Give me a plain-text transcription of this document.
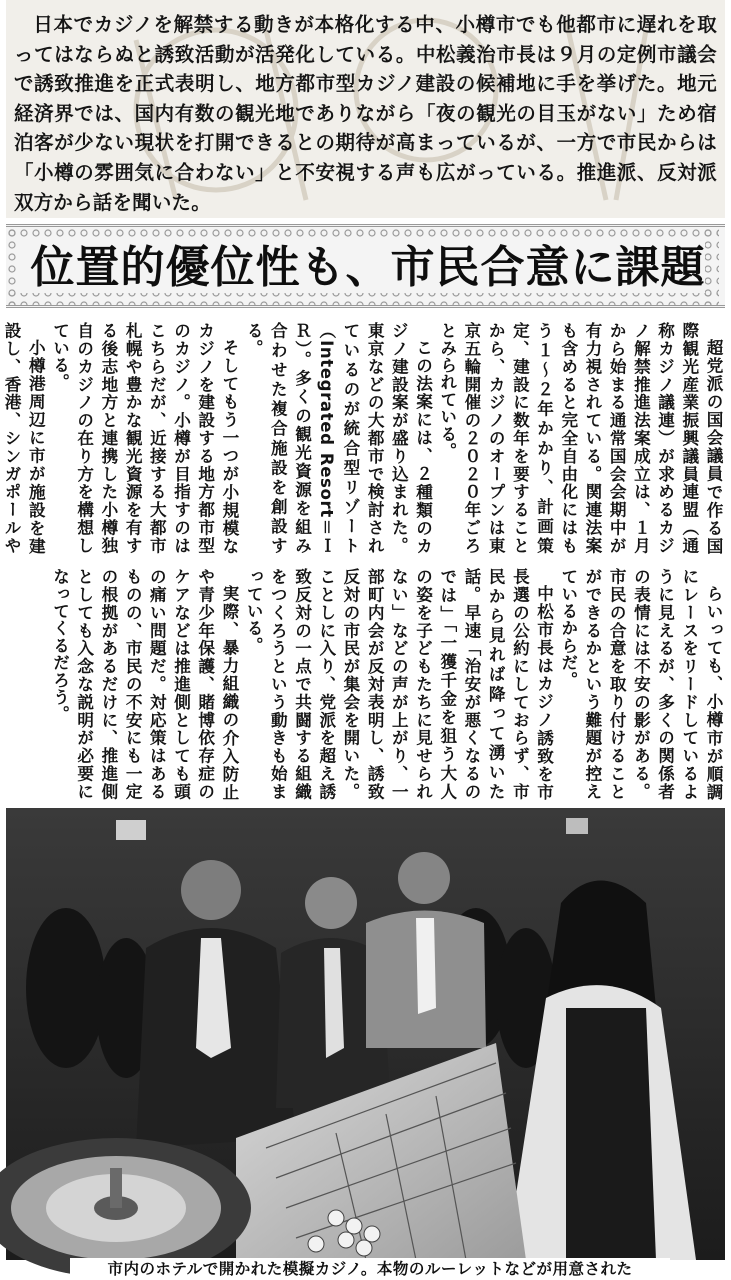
日本でカジノを解禁する動きが本格化する中、小樽市でも他都市に遅れを取ってはならぬと誘致活動が活発化している。中松義治市長は９月の定例市議会で誘致推進を正式表明し、地方都市型カジノ建設の候補地に手を挙げた。地元経済界では、国内有数の観光地でありながら「夜の観光の目玉がない」ため宿泊客が少ない現状を打開できるとの期待が高まっているが、一方で市民からは「小樽の雰囲気に合わない」と不安視する声も広がっている。推進派、反対派双方から話を聞いた。
位置的優位性も、市民合意に課題

超党派の国会議員で作る国際観光産業振興議員連盟（通称カジノ議連）が求めるカジノ解禁推進法案成立は、１月から始まる通常国会会期中が有力視されている。関連法案も含めると完全自由化にはもう１〜２年かかり、計画策定、建設に数年を要することから、カジノのオープンは東京五輪開催の２０２０年ごろとみられている。

この法案には、２種類のカジノ建設案が盛り込まれた。東京などの大都市で検討されているのが統合型リゾート（Integrated Resort＝ＩＲ）。多くの観光資源を組み合わせた複合施設を創設する。

そしてもう一つが小規模なカジノを建設する地方都市型のカジノ。小樽が目指すのはこちらだが、近接する大都市札幌や豊かな観光資源を有する後志地方と連携した小樽独自のカジノの在り方を構想している。

小樽港周辺に市が施設を建設し、香港、シンガポールや

らいっても、小樽市が順調にレースをリードしているように見えるが、多くの関係者の表情には不安の影がある。市民の合意を取り付けることができるかという難題が控えているからだ。

中松市長はカジノ誘致を市長選の公約にしておらず、市民から見れば降って湧いた話。早速「治安が悪くなるのでは」「一獲千金を狙う大人の姿を子どもたちに見せられない」などの声が上がり、一部町内会が反対表明し、誘致反対の市民が集会を開いた。ことしに入り、党派を超え誘致反対の一点で共闘する組織をつくろうという動きも始まっている。

実際、暴力組織の介入防止や青少年保護、賭博依存症のケアなどは推進側としても頭の痛い問題だ。対応策はあるものの、市民の不安にも一定の根拠があるだけに、推進側としても入念な説明が必要になってくるだろう。

市内のホテルで開かれた模擬カジノ。本物のルーレットなどが用意された
